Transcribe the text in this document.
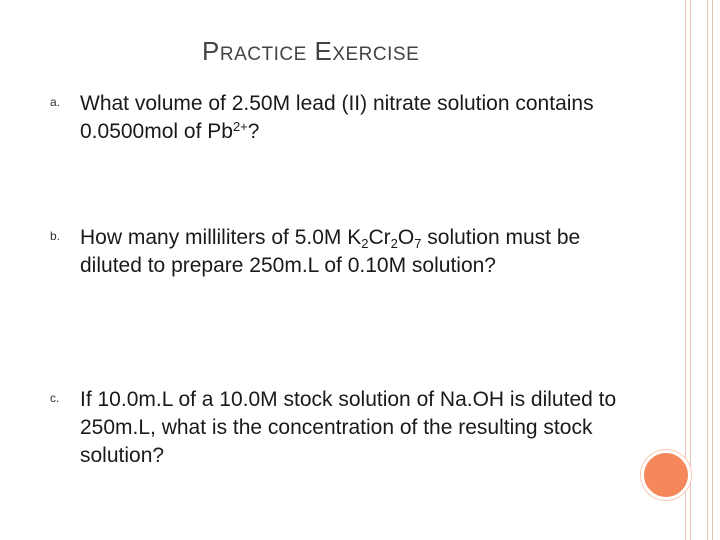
PRACTICE EXERCISE
a. What volume of 2.50M lead (II) nitrate solution contains 0.0500mol of $Pb^{2+}$?
b. How many milliliters of 5.0M $K_2Cr_2O_7$ solution must be diluted to prepare 250m.L of 0.10M solution?
c. If 10.0m.L of a 10.0M stock solution of Na.OH is diluted to 250m.L, what is the concentration of the resulting stock solution?
